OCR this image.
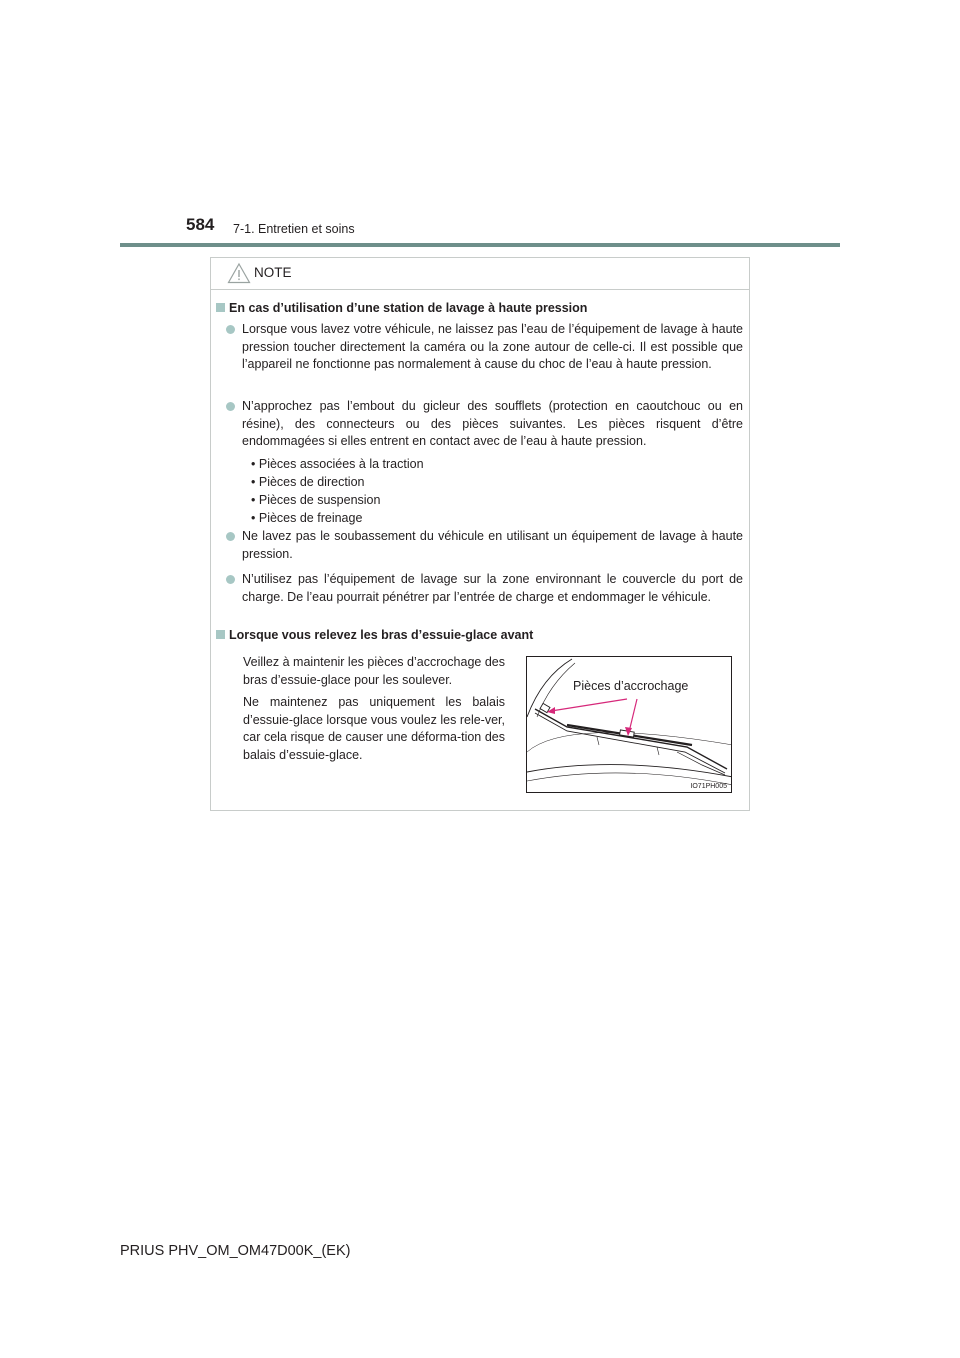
584 7-1. Entretien et soins
NOTE
En cas d’utilisation d’une station de lavage à haute pression
Lorsque vous lavez votre véhicule, ne laissez pas l’eau de l’équipement de lavage à haute pression toucher directement la caméra ou la zone autour de celle-ci. Il est possible que l’appareil ne fonctionne pas normalement à cause du choc de l’eau à haute pression.
N’approchez pas l’embout du gicleur des soufflets (protection en caoutchouc ou en résine), des connecteurs ou des pièces suivantes. Les pièces risquent d’être endommagées si elles entrent en contact avec de l’eau à haute pression.
• Pièces associées à la traction
• Pièces de direction
• Pièces de suspension
• Pièces de freinage
Ne lavez pas le soubassement du véhicule en utilisant un équipement de lavage à haute pression.
N’utilisez pas l’équipement de lavage sur la zone environnant le couvercle du port de charge. De l’eau pourrait pénétrer par l’entrée de charge et endommager le véhicule.
Lorsque vous relevez les bras d’essuie-glace avant
Veillez à maintenir les pièces d’accrochage des bras d’essuie-glace pour les soulever.
Ne maintenez pas uniquement les balais d’essuie-glace lorsque vous voulez les rele-ver, car cela risque de causer une déforma-tion des balais d’essuie-glace.
Pièces d’accrochage
IO71PH005
PRIUS PHV_OM_OM47D00K_(EK)
